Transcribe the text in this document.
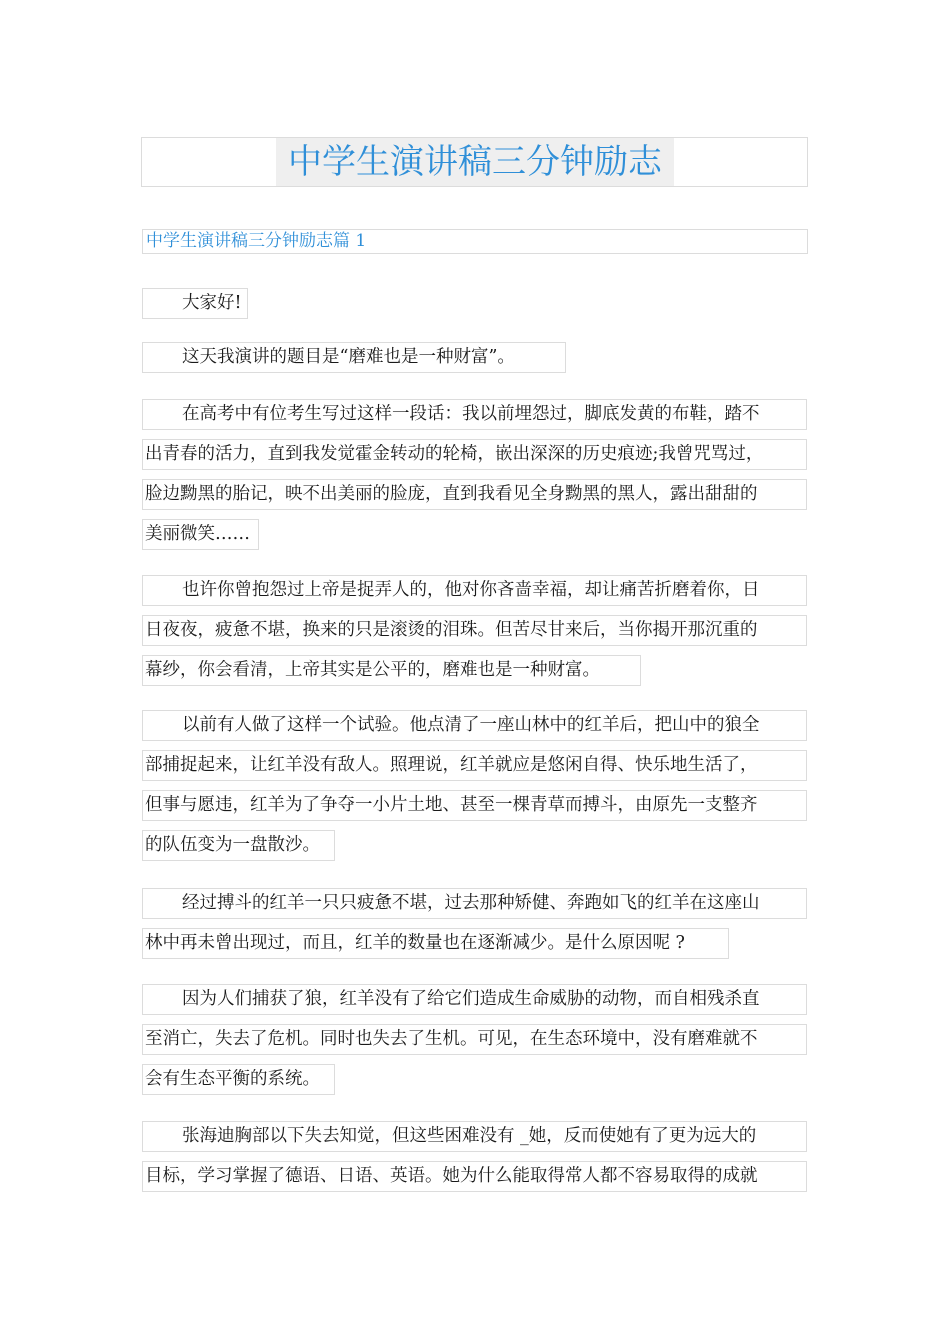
中学生演讲稿三分钟励志
中学生演讲稿三分钟励志篇 1
大家好!
这天我演讲的题目是“磨难也是一种财富”。
在高考中有位考生写过这样一段话：我以前埋怨过，脚底发黄的布鞋，踏不
出青春的活力，直到我发觉霍金转动的轮椅，嵌出深深的历史痕迹;我曾咒骂过，
脸边黝黑的胎记，映不出美丽的脸庞，直到我看见全身黝黑的黑人，露出甜甜的
美丽微笑……
也许你曾抱怨过上帝是捉弄人的，他对你吝啬幸福，却让痛苦折磨着你，日
日夜夜，疲惫不堪，换来的只是滚烫的泪珠。但苦尽甘来后，当你揭开那沉重的
幕纱，你会看清，上帝其实是公平的，磨难也是一种财富。
以前有人做了这样一个试验。他点清了一座山林中的红羊后，把山中的狼全
部捕捉起来，让红羊没有敌人。照理说，红羊就应是悠闲自得、快乐地生活了，
但事与愿违，红羊为了争夺一小片土地、甚至一棵青草而搏斗，由原先一支整齐
的队伍变为一盘散沙。
经过搏斗的红羊一只只疲惫不堪，过去那种矫健、奔跑如飞的红羊在这座山
林中再未曾出现过，而且，红羊的数量也在逐渐减少。是什么原因呢 ?
因为人们捕获了狼，红羊没有了给它们造成生命威胁的动物，而自相残杀直
至消亡，失去了危机。同时也失去了生机。可见，在生态环境中，没有磨难就不
会有生态平衡的系统。
张海迪胸部以下失去知觉，但这些困难没有 _她，反而使她有了更为远大的
目标，学习掌握了德语、日语、英语。她为什么能取得常人都不容易取得的成就
